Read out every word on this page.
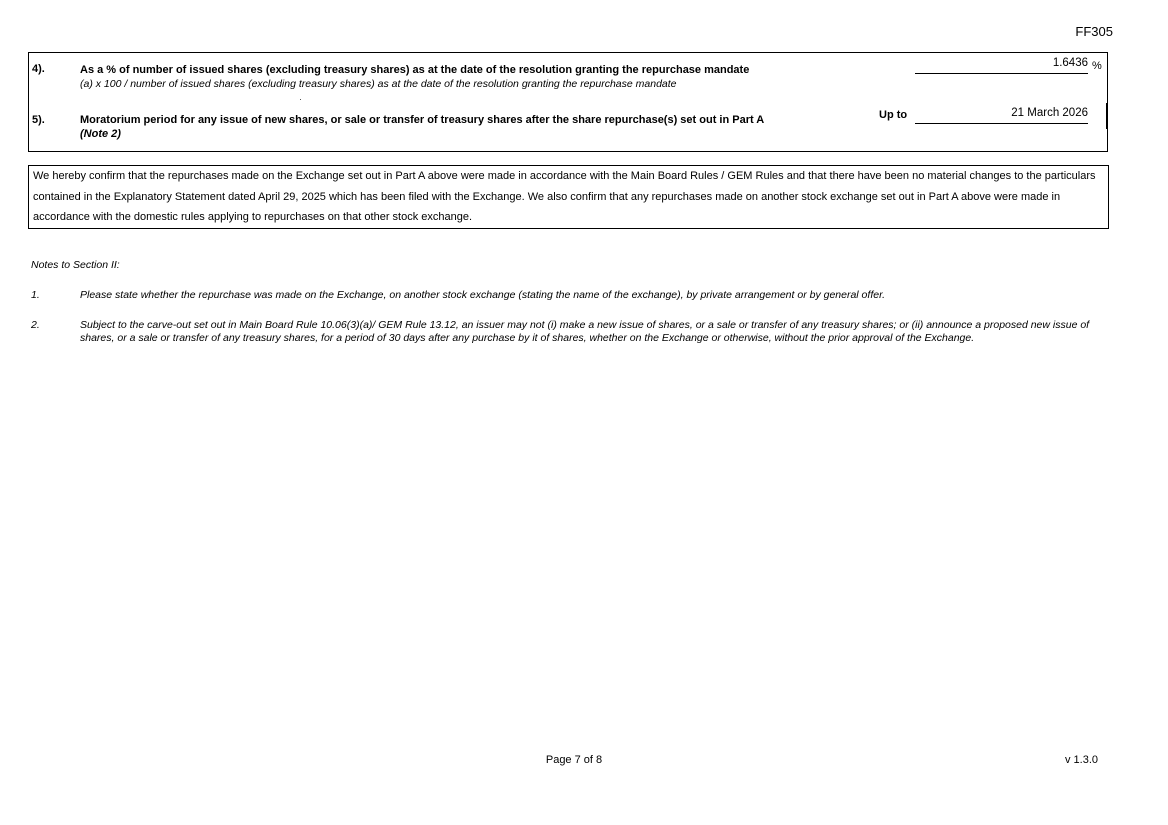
FF305
4).	As a % of number of issued shares (excluding treasury shares) as at the date of the resolution granting the repurchase mandate
(a) x 100 / number of issued shares (excluding treasury shares) as at the date of the resolution granting the repurchase mandate
1.6436 %
5).	Moratorium period for any issue of new shares, or sale or transfer of treasury shares after the share repurchase(s) set out in Part A
(Note 2)
Up to	21 March 2026
We hereby confirm that the repurchases made on the Exchange set out in Part A above were made in accordance with the Main Board Rules / GEM Rules and that there have been no material changes to the particulars contained in the Explanatory Statement dated April 29, 2025 which has been filed with the Exchange. We also confirm that any repurchases made on another stock exchange set out in Part A above were made in accordance with the domestic rules applying to repurchases on that other stock exchange.
Notes to Section II:
1.	Please state whether the repurchase was made on the Exchange, on another stock exchange (stating the name of the exchange), by private arrangement or by general offer.
2.	Subject to the carve-out set out in Main Board Rule 10.06(3)(a)/ GEM Rule 13.12, an issuer may not (i) make a new issue of shares, or a sale or transfer of any treasury shares; or (ii) announce a proposed new issue of shares, or a sale or transfer of any treasury shares, for a period of 30 days after any purchase by it of shares, whether on the Exchange or otherwise, without the prior approval of the Exchange.
Page 7 of 8	v 1.3.0
